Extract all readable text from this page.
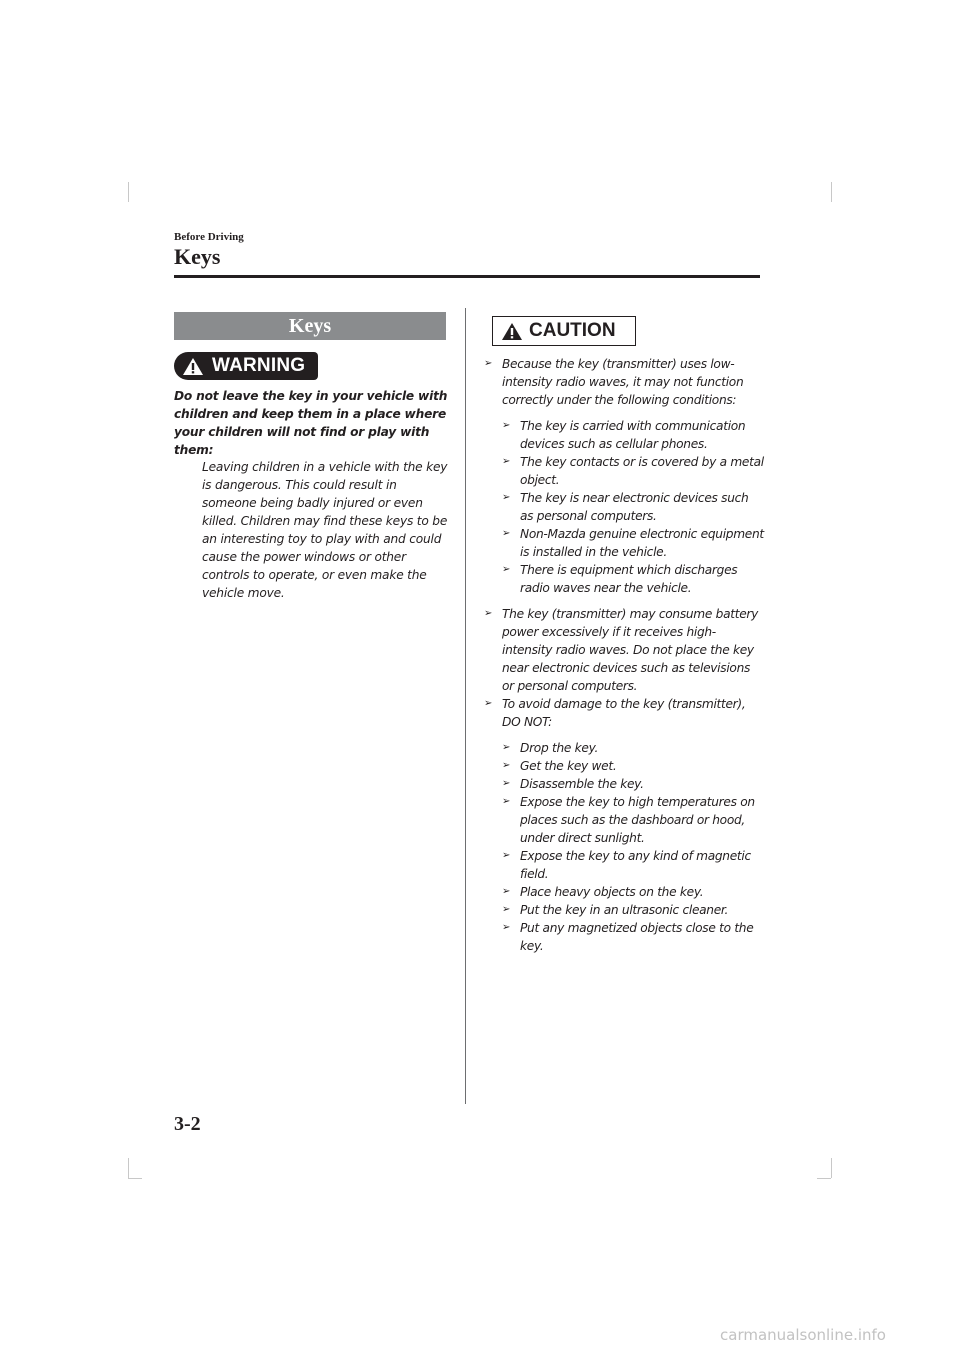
Before Driving
Keys
Keys
WARNING
Do not leave the key in your vehicle with children and keep them in a place where your children will not find or play with them:
Leaving children in a vehicle with the key is dangerous. This could result in someone being badly injured or even killed. Children may find these keys to be an interesting toy to play with and could cause the power windows or other controls to operate, or even make the vehicle move.
CAUTION
➢ Because the key (transmitter) uses low-intensity radio waves, it may not function correctly under the following conditions:
➢ The key is carried with communication devices such as cellular phones.
➢ The key contacts or is covered by a metal object.
➢ The key is near electronic devices such as personal computers.
➢ Non-Mazda genuine electronic equipment is installed in the vehicle.
➢ There is equipment which discharges radio waves near the vehicle.
➢ The key (transmitter) may consume battery power excessively if it receives high-intensity radio waves. Do not place the key near electronic devices such as televisions or personal computers.
➢ To avoid damage to the key (transmitter), DO NOT:
➢ Drop the key.
➢ Get the key wet.
➢ Disassemble the key.
➢ Expose the key to high temperatures on places such as the dashboard or hood, under direct sunlight.
➢ Expose the key to any kind of magnetic field.
➢ Place heavy objects on the key.
➢ Put the key in an ultrasonic cleaner.
➢ Put any magnetized objects close to the key.
3-2
carmanualsonline.info
